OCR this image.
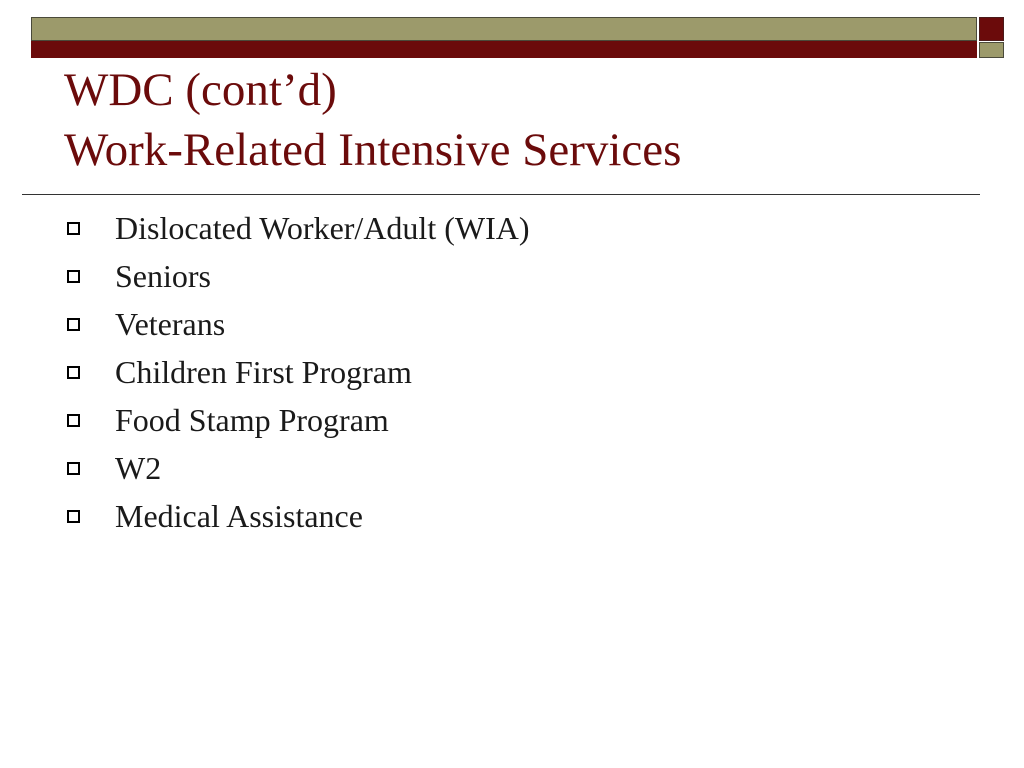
WDC (cont’d)
Work-Related Intensive Services
Dislocated Worker/Adult (WIA)
Seniors
Veterans
Children First Program
Food Stamp Program
W2
Medical Assistance
